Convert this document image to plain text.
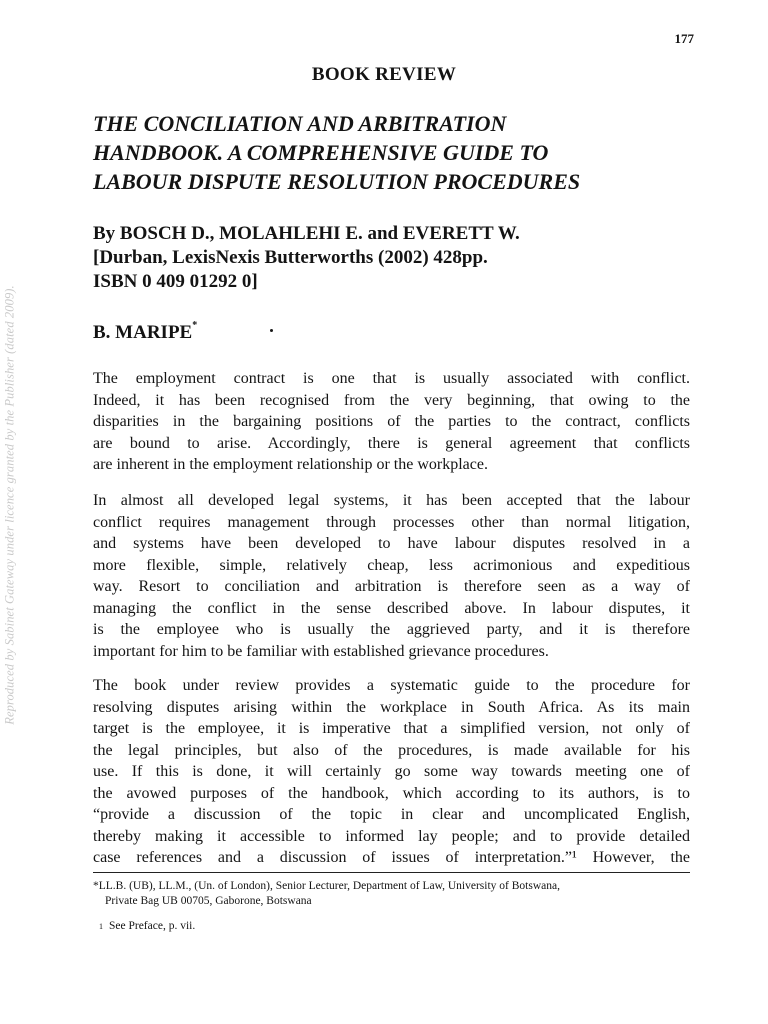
Reproduced by Sabinet Gateway under licence granted by the Publisher (dated 2009).
177
BOOK REVIEW
THE CONCILIATION AND ARBITRATION
HANDBOOK. A COMPREHENSIVE GUIDE TO
LABOUR DISPUTE RESOLUTION PROCEDURES
By BOSCH D., MOLAHLEHI E. and EVERETT W.
[Durban, LexisNexis Butterworths (2002) 428pp.
ISBN 0 409 01292 0]
B. MARIPE*
The employment contract is one that is usually associated with conflict.
Indeed, it has been recognised from the very beginning, that owing to the
disparities in the bargaining positions of the parties to the contract, conflicts
are bound to arise. Accordingly, there is general agreement that conflicts
are inherent in the employment relationship or the workplace.
In almost all developed legal systems, it has been accepted that the labour
conflict requires management through processes other than normal litigation,
and systems have been developed to have labour disputes resolved in a
more flexible, simple, relatively cheap, less acrimonious and expeditious
way. Resort to conciliation and arbitration is therefore seen as a way of
managing the conflict in the sense described above. In labour disputes, it
is the employee who is usually the aggrieved party, and it is therefore
important for him to be familiar with established grievance procedures.
The book under review provides a systematic guide to the procedure for
resolving disputes arising within the workplace in South Africa. As its main
target is the employee, it is imperative that a simplified version, not only of
the legal principles, but also of the procedures, is made available for his
use. If this is done, it will certainly go some way towards meeting one of
the avowed purposes of the handbook, which according to its authors, is to
“provide a discussion of the topic in clear and uncomplicated English,
thereby making it accessible to informed lay people; and to provide detailed
case references and a discussion of issues of interpretation.”¹ However, the
*LL.B. (UB), LL.M., (Un. of London), Senior Lecturer, Department of Law, University of Botswana,
Private Bag UB 00705, Gaborone, Botswana
$^1$ See Preface, p. vii.
